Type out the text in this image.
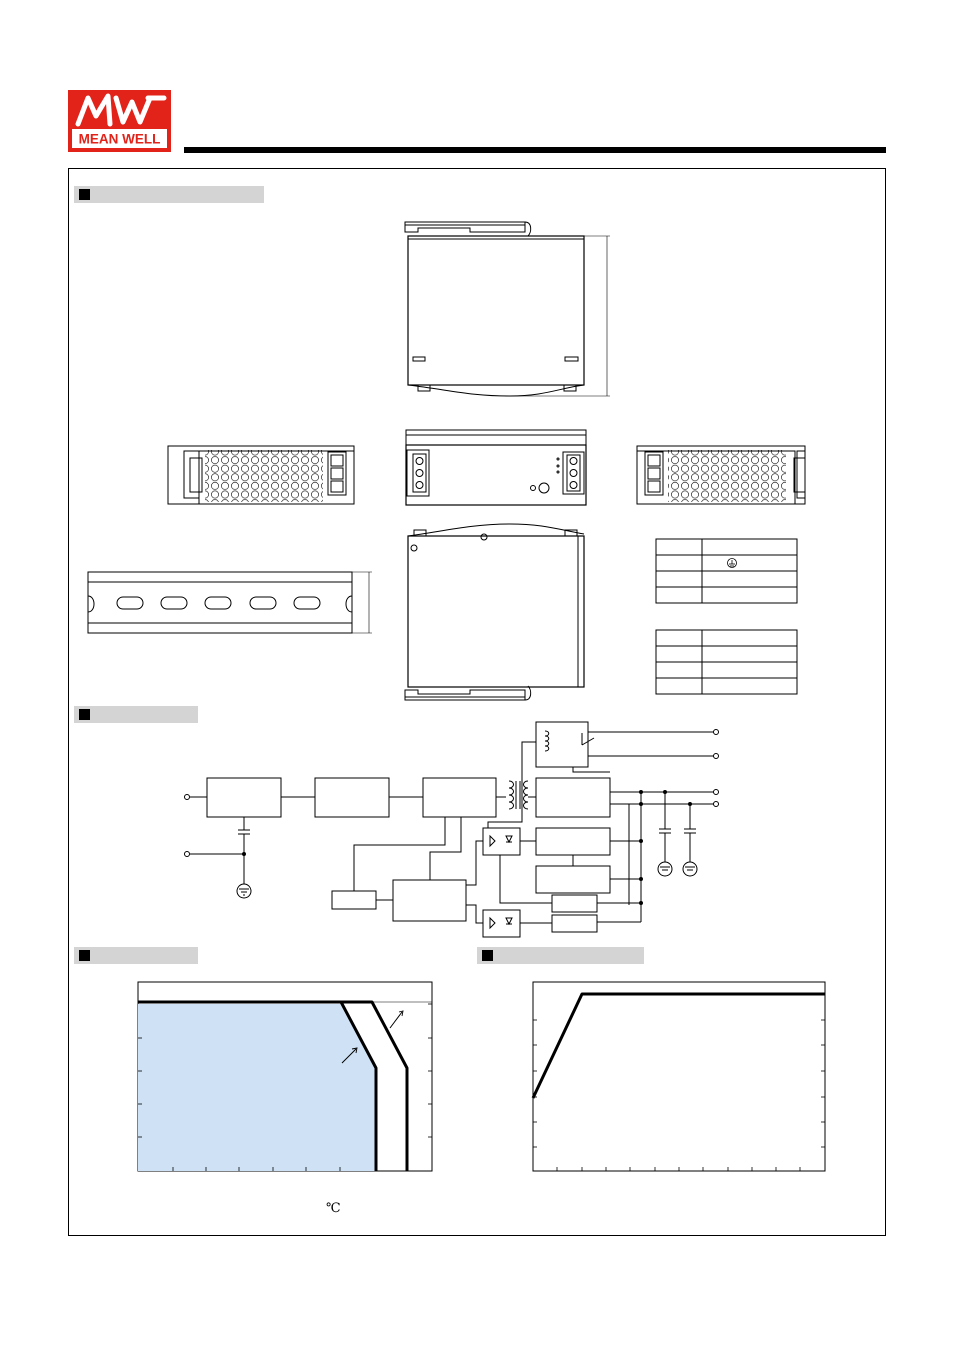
MEAN WELL
℃
